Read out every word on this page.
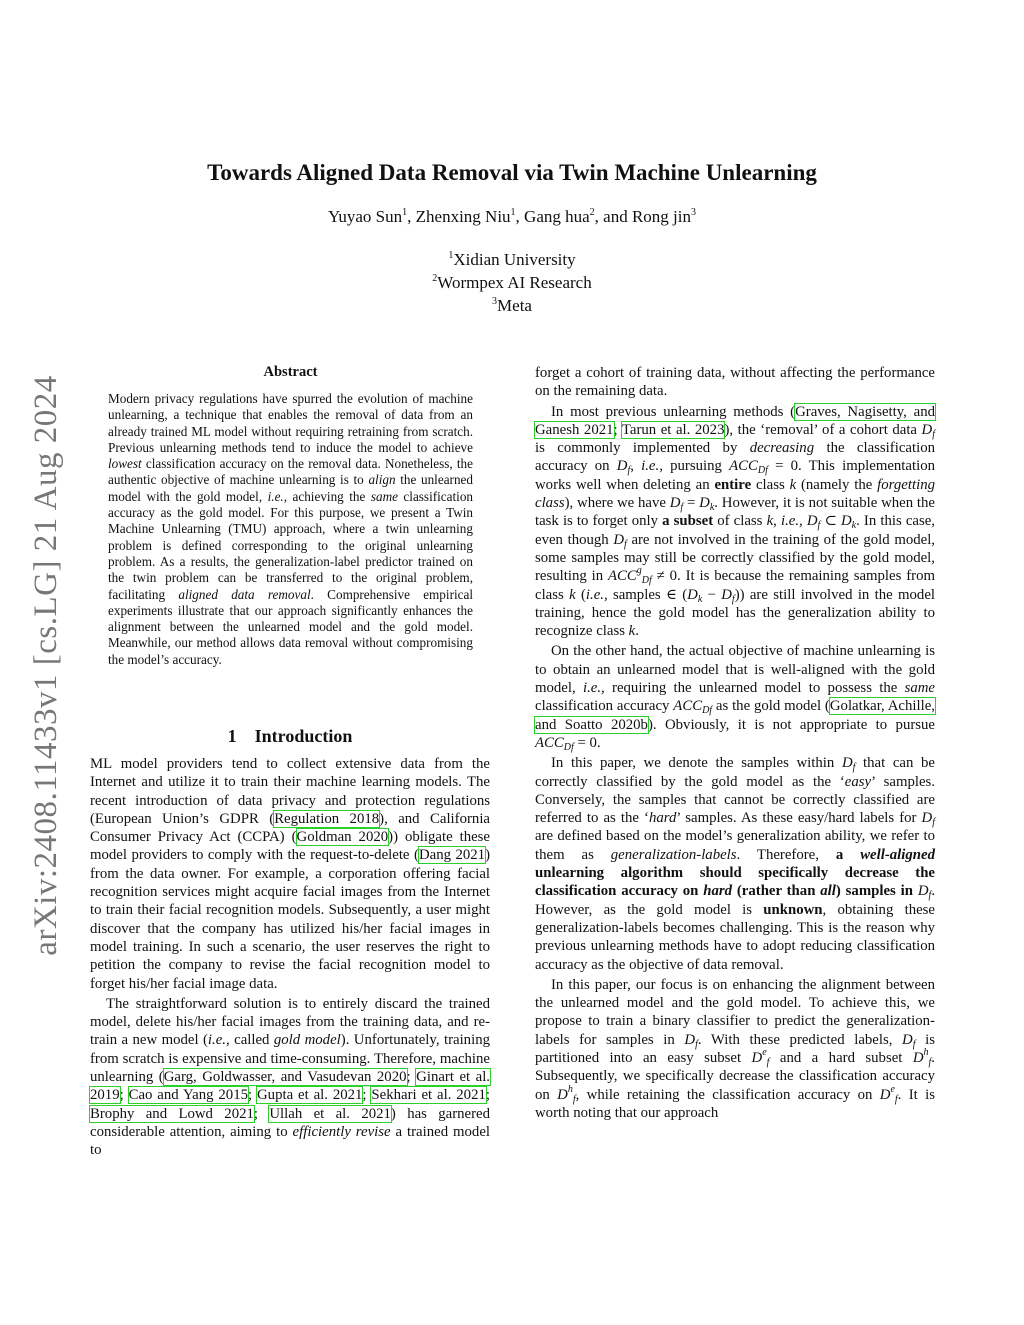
arXiv:2408.11433v1 [cs.LG] 21 Aug 2024
Towards Aligned Data Removal via Twin Machine Unlearning
Yuyao Sun$^1$, Zhenxing Niu$^1$, Gang hua$^2$, and Rong jin$^3$
$^1$Xidian University
$^2$Wormpex AI Research
$^3$Meta
Abstract

Modern privacy regulations have spurred the evolution of machine unlearning, a technique that enables the removal of data from an already trained ML model without requiring retraining from scratch. Previous unlearning methods tend to induce the model to achieve lowest classification accuracy on the removal data. Nonetheless, the authentic objective of machine unlearning is to align the unlearned model with the gold model, i.e., achieving the same classification accuracy as the gold model. For this purpose, we present a Twin Machine Unlearning (TMU) approach, where a twin unlearning problem is defined corresponding to the original unlearning problem. As a results, the generalization-label predictor trained on the twin problem can be transferred to the original problem, facilitating aligned data removal. Comprehensive empirical experiments illustrate that our approach significantly enhances the alignment between the unlearned model and the gold model. Meanwhile, our method allows data removal without compromising the model’s accuracy.

1 Introduction

ML model providers tend to collect extensive data from the Internet and utilize it to train their machine learning models. The recent introduction of data privacy and protection regulations (European Union’s GDPR (Regulation 2018), and California Consumer Privacy Act (CCPA) (Goldman 2020)) obligate these model providers to comply with the request-to-delete (Dang 2021) from the data owner. For example, a corporation offering facial recognition services might acquire facial images from the Internet to train their facial recognition models. Subsequently, a user might discover that the company has utilized his/her facial images in model training. In such a scenario, the user reserves the right to petition the company to revise the facial recognition model to forget his/her facial image data.

The straightforward solution is to entirely discard the trained model, delete his/her facial images from the training data, and re-train a new model (i.e., called gold model). Unfortunately, training from scratch is expensive and time-consuming. Therefore, machine unlearning (Garg, Goldwasser, and Vasudevan 2020; Ginart et al. 2019; Cao and Yang 2015; Gupta et al. 2021; Sekhari et al. 2021; Brophy and Lowd 2021; Ullah et al. 2021) has garnered considerable attention, aiming to efficiently revise a trained model to

forget a cohort of training data, without affecting the performance on the remaining data.

In most previous unlearning methods (Graves, Nagisetty, and Ganesh 2021; Tarun et al. 2023), the ‘removal’ of a cohort data $D_f$ is commonly implemented by decreasing the classification accuracy on $D_f$, i.e., pursuing $ACC_{Df} = 0$. This implementation works well when deleting an entire class k (namely the forgetting class), where we have $D_f = D_k$. However, it is not suitable when the task is to forget only a subset of class k, i.e., $D_f$ ⊂ $D_k$. In this case, even though $D_f$ are not involved in the training of the gold model, some samples may still be correctly classified by the gold model, resulting in $ACC^g_{Df} \ne 0$. It is because the remaining samples from class k (i.e., samples ∈ $(D_k - D_f)$) are still involved in the model training, hence the gold model has the generalization ability to recognize class k.

On the other hand, the actual objective of machine unlearning is to obtain an unlearned model that is well-aligned with the gold model, i.e., requiring the unlearned model to possess the same classification accuracy $ACC_{Df}$ as the gold model (Golatkar, Achille, and Soatto 2020b). Obviously, it is not appropriate to pursue $ACC_{Df} = 0$.

In this paper, we denote the samples within $D_f$ that can be correctly classified by the gold model as the ‘easy’ samples. Conversely, the samples that cannot be correctly classified are referred to as the ‘hard’ samples. As these easy/hard labels for $D_f$ are defined based on the model’s generalization ability, we refer to them as generalization-labels. Therefore, a well-aligned unlearning algorithm should specifically decrease the classification accuracy on hard (rather than all) samples in $D_f$. However, as the gold model is unknown, obtaining these generalization-labels becomes challenging. This is the reason why previous unlearning methods have to adopt reducing classification accuracy as the objective of data removal.

In this paper, our focus is on enhancing the alignment between the unlearned model and the gold model. To achieve this, we propose to train a binary classifier to predict the generalization-labels for samples in $D_f$. With these predicted labels, $D_f$ is partitioned into an easy subset $D^e_f$ and a hard subset $D^h_f$. Subsequently, we specifically decrease the classification accuracy on $D^h_f$, while retaining the classification accuracy on $D^e_f$. It is worth noting that our approach
